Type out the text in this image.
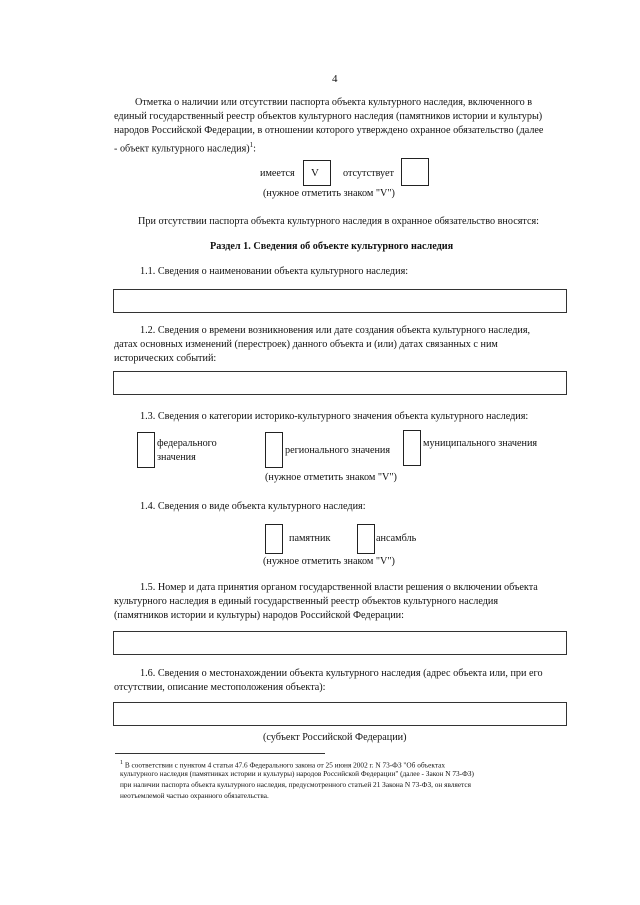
4
Отметка о наличии или отсутствии паспорта объекта культурного наследия, включенного в
единый государственный реестр объектов культурного наследия (памятников истории и культуры)
народов Российской Федерации, в отношении которого утверждено охранное обязательство (далее
- объект культурного наследия)$^1$:
имеется V отсутствует
(нужное отметить знаком "V")
При отсутствии паспорта объекта культурного наследия в охранное обязательство вносятся:
Раздел 1. Сведения об объекте культурного наследия
1.1. Сведения о наименовании объекта культурного наследия:
1.2. Сведения о времени возникновения или дате создания объекта культурного наследия,
датах основных изменений (перестроек) данного объекта и (или) датах связанных с ним
исторических событий:
1.3. Сведения о категории историко-культурного значения объекта культурного наследия:
федерального
значения
регионального значения
муниципального значения
(нужное отметить знаком "V")
1.4. Сведения о виде объекта культурного наследия:
памятник	ансамбль
(нужное отметить знаком "V")
1.5. Номер и дата принятия органом государственной власти решения о включении объекта
культурного наследия в единый государственный реестр объектов культурного наследия
(памятников истории и культуры) народов Российской Федерации:
1.6. Сведения о местонахождении объекта культурного наследия (адрес объекта или, при его
отсутствии, описание местоположения объекта):
(субъект Российской Федерации)
$^1$ В соответствии с пунктом 4 статьи 47.6 Федерального закона от 25 июня 2002 г. N 73-ФЗ "Об объектах
культурного наследия (памятниках истории и культуры) народов Российской Федерации" (далее - Закон N 73-ФЗ)
при наличии паспорта объекта культурного наследия, предусмотренного статьей 21 Закона N 73-ФЗ, он является
неотъемлемой частью охранного обязательства.
